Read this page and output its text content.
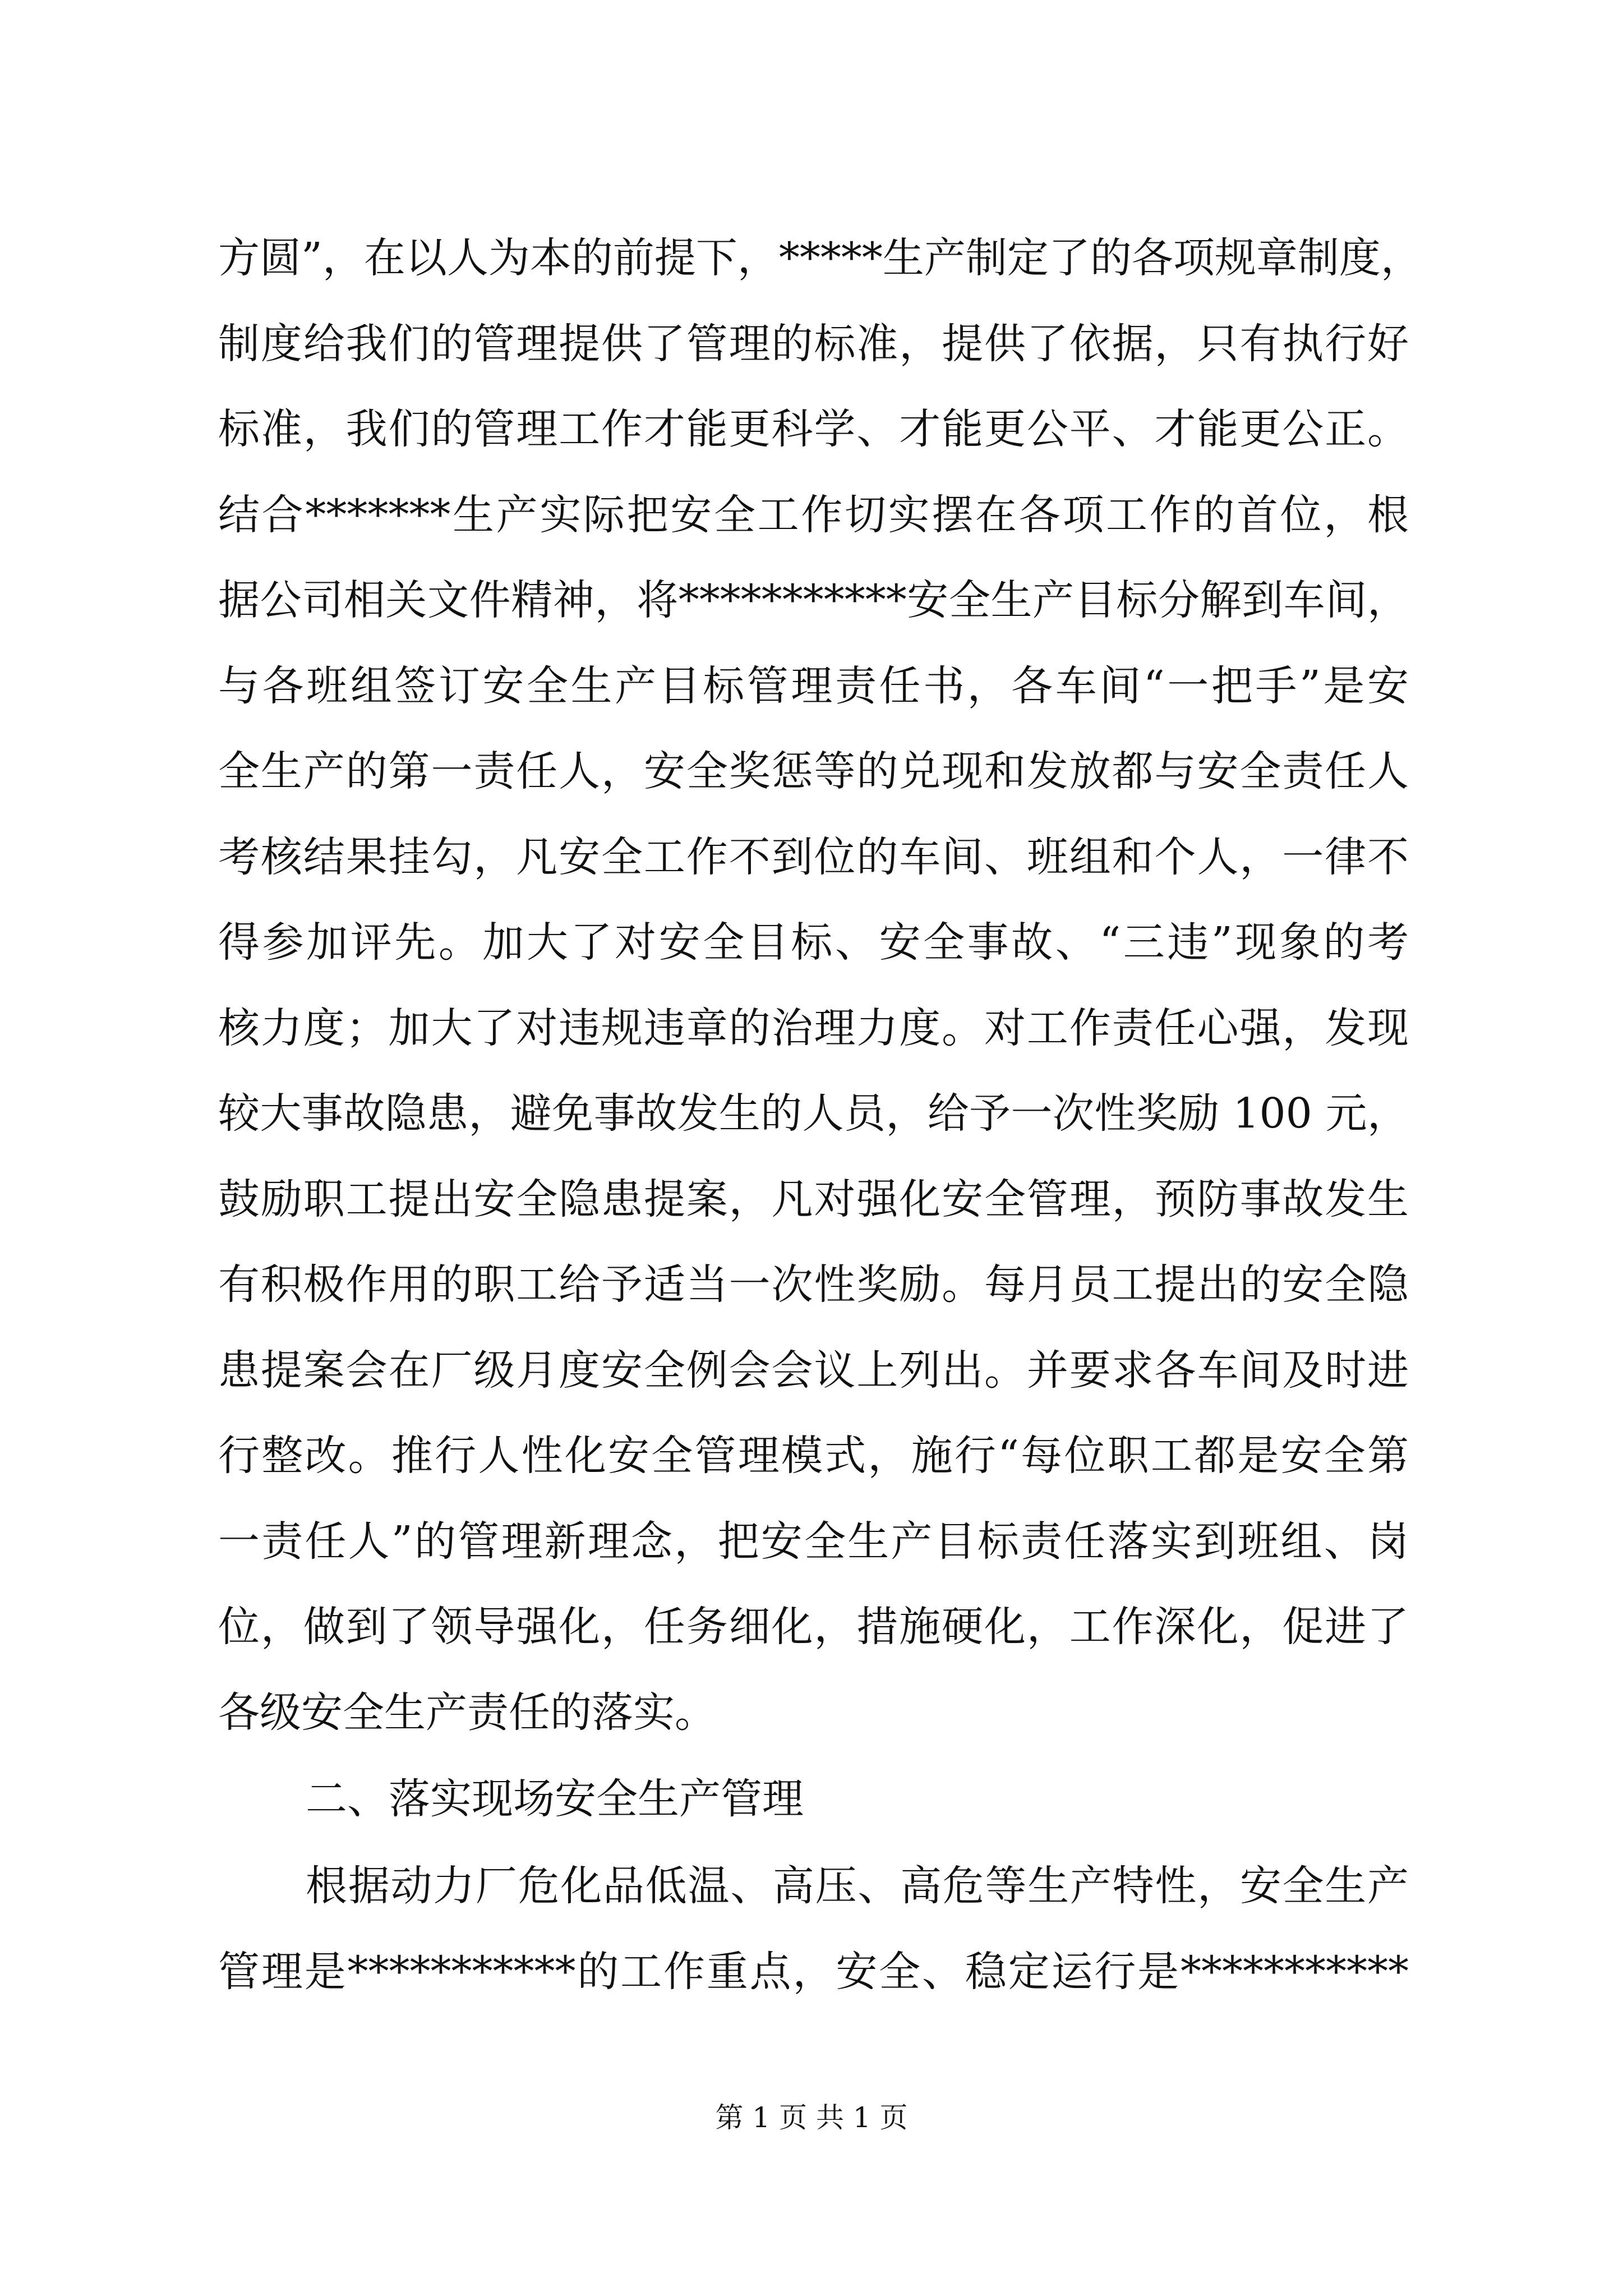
方圆”，在以人为本的前提下，*****生产制定了的各项规章制度，
制度给我们的管理提供了管理的标准，提供了依据，只有执行好
标准，我们的管理工作才能更科学、才能更公平、才能更公正。
结合*******生产实际把安全工作切实摆在各项工作的首位，根
据公司相关文件精神，将***********安全生产目标分解到车间，
与各班组签订安全生产目标管理责任书，各车间“一把手”是安
全生产的第一责任人，安全奖惩等的兑现和发放都与安全责任人
考核结果挂勾，凡安全工作不到位的车间、班组和个人，一律不
得参加评先。加大了对安全目标、安全事故、“三违”现象的考
核力度；加大了对违规违章的治理力度。对工作责任心强，发现
较大事故隐患，避免事故发生的人员，给予一次性奖励 100 元，
鼓励职工提出安全隐患提案，凡对强化安全管理，预防事故发生
有积极作用的职工给予适当一次性奖励。每月员工提出的安全隐
患提案会在厂级月度安全例会会议上列出。并要求各车间及时进
行整改。推行人性化安全管理模式，施行“每位职工都是安全第
一责任人”的管理新理念，把安全生产目标责任落实到班组、岗
位，做到了领导强化，任务细化，措施硬化，工作深化，促进了
各级安全生产责任的落实。
二、落实现场安全生产管理
根据动力厂危化品低温、高压、高危等生产特性，安全生产
管理是***********的工作重点，安全、稳定运行是***********
第 1 页 共 1 页
